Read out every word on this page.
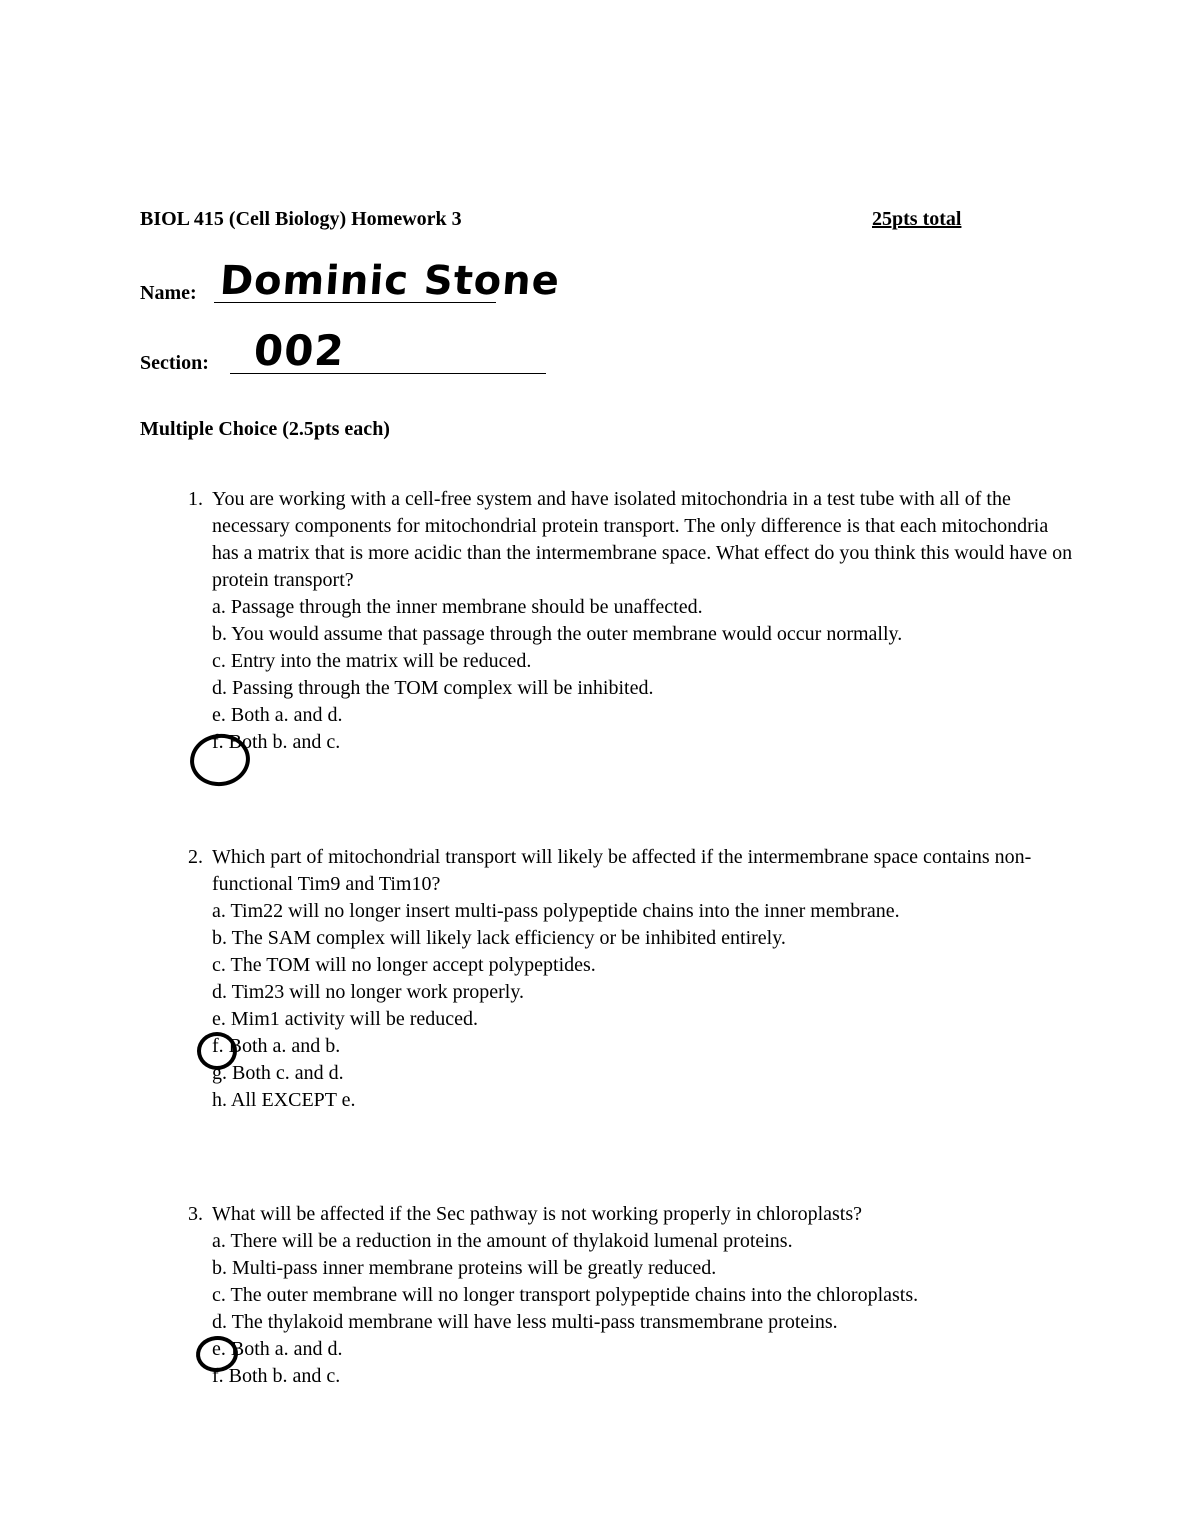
BIOL 415 (Cell Biology) Homework 3	25pts total
Name: Dominic Stone
Section: 002
Multiple Choice (2.5pts each)

1. You are working with a cell-free system and have isolated mitochondria in a test tube with all of the necessary components for mitochondrial protein transport. The only difference is that each mitochondria has a matrix that is more acidic than the intermembrane space. What effect do you think this would have on protein transport?

a. Passage through the inner membrane should be unaffected.
b. You would assume that passage through the outer membrane would occur normally.
c. Entry into the matrix will be reduced.
d. Passing through the TOM complex will be inhibited.
e. Both a. and d.
f. Both b. and c.

2. Which part of mitochondrial transport will likely be affected if the intermembrane space contains non-functional Tim9 and Tim10?

a. Tim22 will no longer insert multi-pass polypeptide chains into the inner membrane.
b. The SAM complex will likely lack efficiency or be inhibited entirely.
c. The TOM will no longer accept polypeptides.
d. Tim23 will no longer work properly.
e. Mim1 activity will be reduced.
f. Both a. and b.
g. Both c. and d.
h. All EXCEPT e.

3. What will be affected if the Sec pathway is not working properly in chloroplasts?

a. There will be a reduction in the amount of thylakoid lumenal proteins.
b. Multi-pass inner membrane proteins will be greatly reduced.
c. The outer membrane will no longer transport polypeptide chains into the chloroplasts.
d. The thylakoid membrane will have less multi-pass transmembrane proteins.
e. Both a. and d.
f. Both b. and c.
